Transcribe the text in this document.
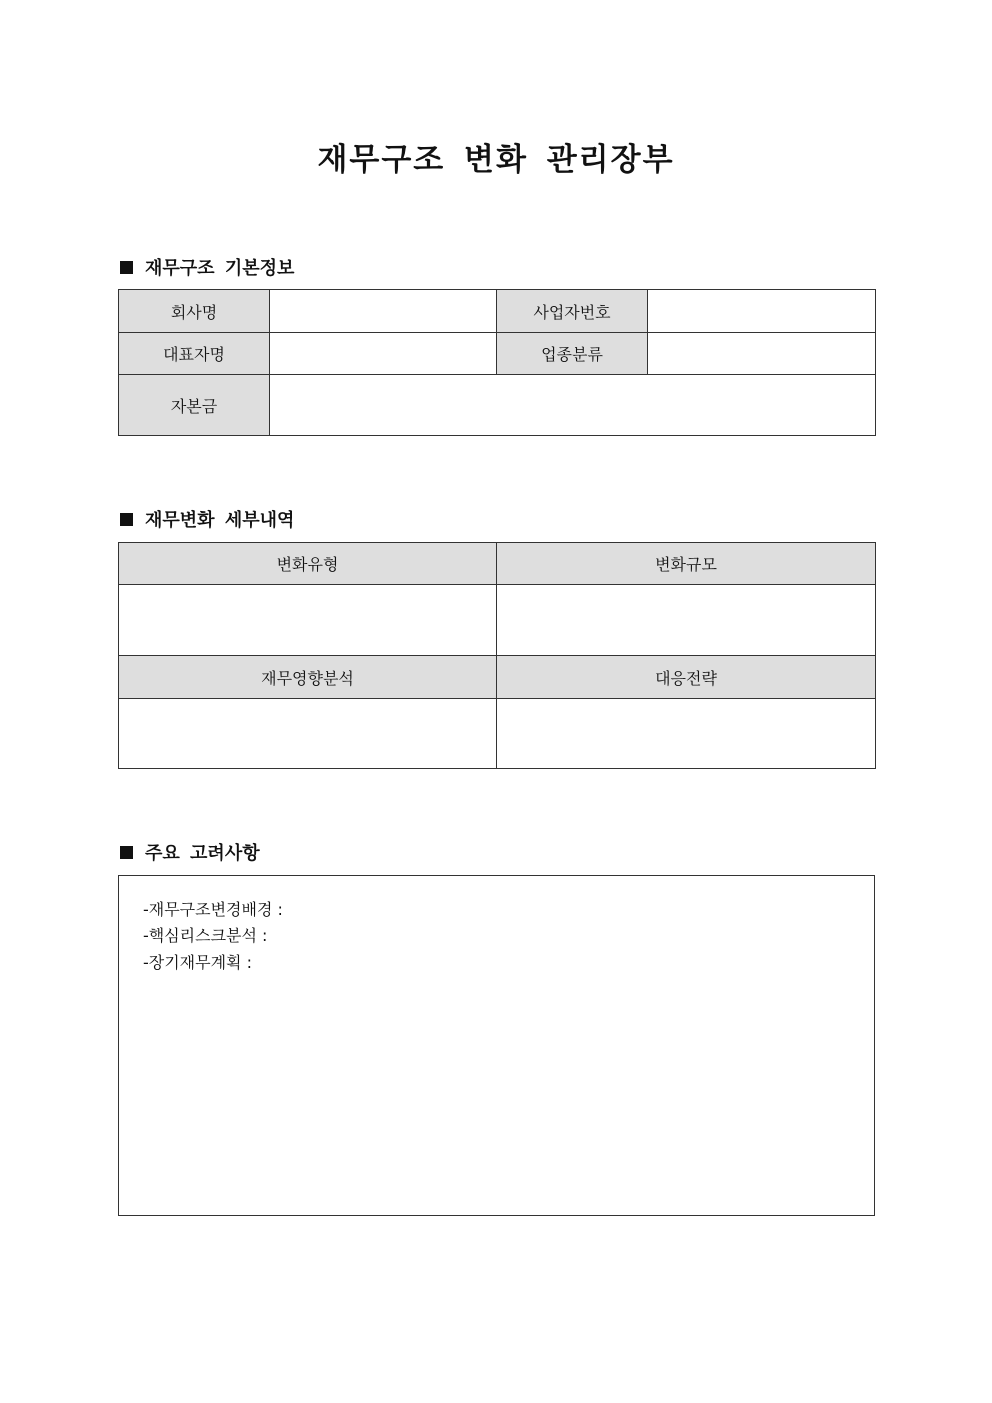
재무구조 변화 관리장부
재무구조 기본정보
회사명		사업자번호	
대표자명		업종분류	
자본금			
재무변화 세부내역
변화유형	변화규모

재무영향분석	대응전략

주요 고려사항
-재무구조변경배경 :
-핵심리스크분석 :
-장기재무계획 :
